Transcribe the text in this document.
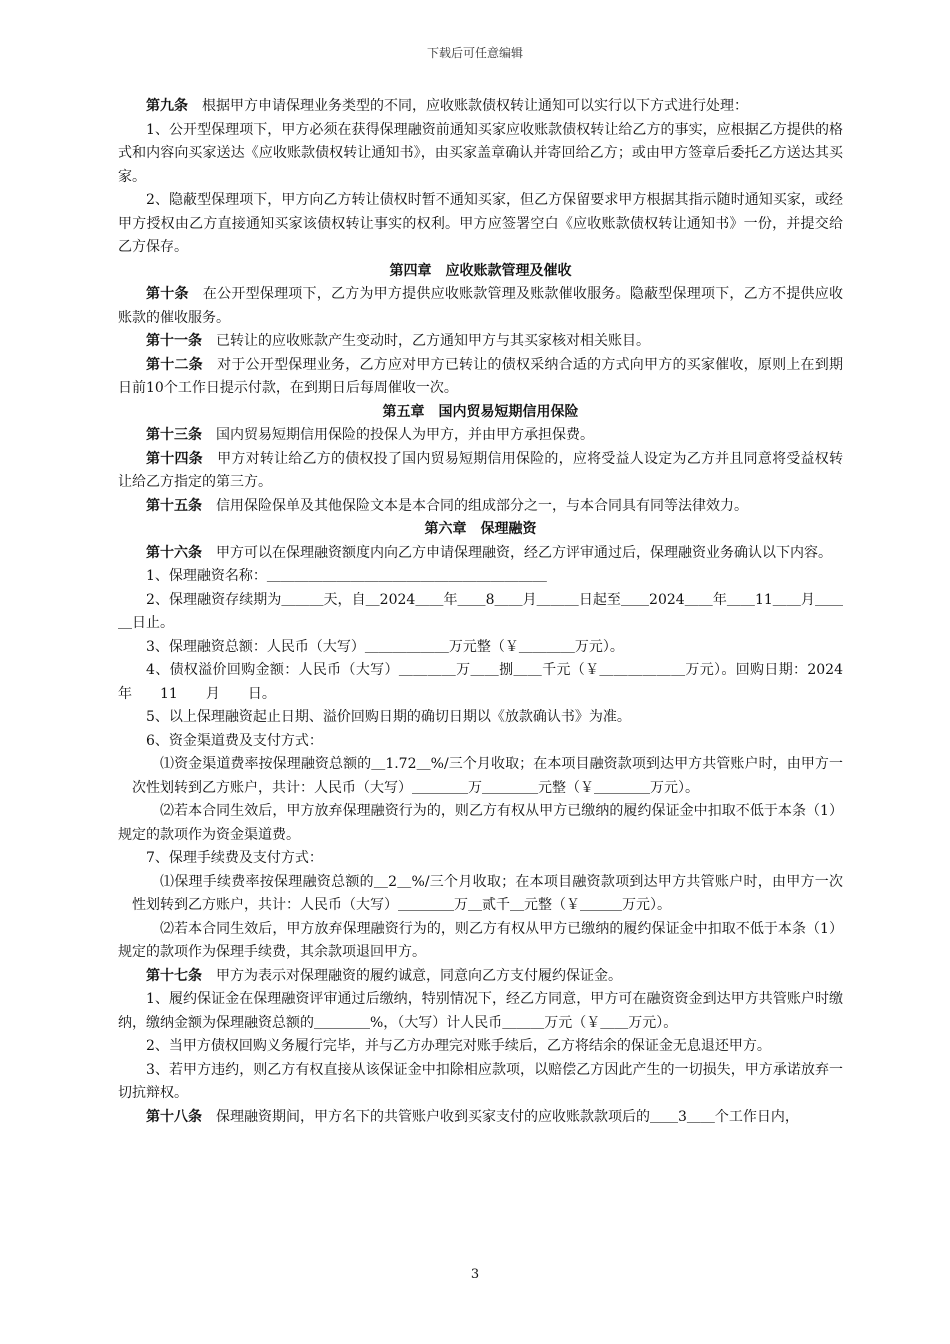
下载后可任意编辑

第九条　 根据甲方申请保理业务类型的不同，应收账款债权转让通知可以实行以下方式进行处理：

1、公开型保理项下，甲方必须在获得保理融资前通知买家应收账款债权转让给乙方的事实，应根据乙方提供的格式和内容向买家送达《应收账款债权转让通知书》，由买家盖章确认并寄回给乙方；或由甲方签章后委托乙方送达其买家。

2、隐蔽型保理项下，甲方向乙方转让债权时暂不通知买家，但乙方保留要求甲方根据其指示随时通知买家，或经甲方授权由乙方直接通知买家该债权转让事实的权利。甲方应签署空白《应收账款债权转让通知书》一份，并提交给乙方保存。

第四章　应收账款管理及催收

第十条　 在公开型保理项下，乙方为甲方提供应收账款管理及账款催收服务。隐蔽型保理项下，乙方不提供应收账款的催收服务。

第十一条　 已转让的应收账款产生变动时，乙方通知甲方与其买家核对相关账目。

第十二条　 对于公开型保理业务，乙方应对甲方已转让的债权采纳合适的方式向甲方的买家催收，原则上在到期日前10个工作日提示付款，在到期日后每周催收一次。

第五章　国内贸易短期信用保险

第十三条　 国内贸易短期信用保险的投保人为甲方，并由甲方承担保费。

第十四条　 甲方对转让给乙方的债权投了国内贸易短期信用保险的，应将受益人设定为乙方并且同意将受益权转让给乙方指定的第三方。

第十五条　 信用保险保单及其他保险文本是本合同的组成部分之一，与本合同具有同等法律效力。

第六章　保理融资

第十六条　 甲方可以在保理融资额度内向乙方申请保理融资，经乙方评审通过后，保理融资业务确认以下内容。

1、保理融资名称：＿＿＿＿＿＿＿＿＿＿＿＿＿＿＿＿＿＿＿＿

2、保理融资存续期为＿＿＿天，自＿2024＿＿年＿＿8＿＿月＿＿＿日起至＿＿2024＿＿年＿＿11＿＿月＿＿＿日止。

3、保理融资总额：人民币（大写）＿＿＿＿＿＿万元整（￥＿＿＿＿万元）。

4、债权溢价回购金额：人民币（大写）＿＿＿＿万＿＿捌＿＿千元（￥＿＿＿＿＿＿万元）。回购日期：2024　　年　　11　　月　　日。

5、以上保理融资起止日期、溢价回购日期的确切日期以《放款确认书》为准。

6、资金渠道费及支付方式：

⑴资金渠道费率按保理融资总额的＿1.72＿%/三个月收取；在本项目融资款项到达甲方共管账户时，由甲方一次性划转到乙方账户，共计：人民币（大写）＿＿＿＿万＿＿＿＿元整（￥＿＿＿＿万元）。

⑵若本合同生效后，甲方放弃保理融资行为的，则乙方有权从甲方已缴纳的履约保证金中扣取不低于本条（1）规定的款项作为资金渠道费。

7、保理手续费及支付方式：

⑴保理手续费率按保理融资总额的＿2＿%/三个月收取；在本项目融资款项到达甲方共管账户时，由甲方一次性划转到乙方账户，共计：人民币（大写）＿＿＿＿万＿贰千＿元整（￥＿＿＿万元）。

⑵若本合同生效后，甲方放弃保理融资行为的，则乙方有权从甲方已缴纳的履约保证金中扣取不低于本条（1）规定的款项作为保理手续费，其余款项退回甲方。

第十七条　 甲方为表示对保理融资的履约诚意，同意向乙方支付履约保证金。

1、履约保证金在保理融资评审通过后缴纳，特别情况下，经乙方同意，甲方可在融资资金到达甲方共管账户时缴纳，缴纳金额为保理融资总额的＿＿＿＿%，（大写）计人民币＿＿＿万元（￥＿＿万元）。

2、当甲方债权回购义务履行完毕，并与乙方办理完对账手续后，乙方将结余的保证金无息退还甲方。

3、若甲方违约，则乙方有权直接从该保证金中扣除相应款项，以赔偿乙方因此产生的一切损失，甲方承诺放弃一切抗辩权。

第十八条　 保理融资期间，甲方名下的共管账户收到买家支付的应收账款款项后的＿＿3＿＿个工作日内，

3
